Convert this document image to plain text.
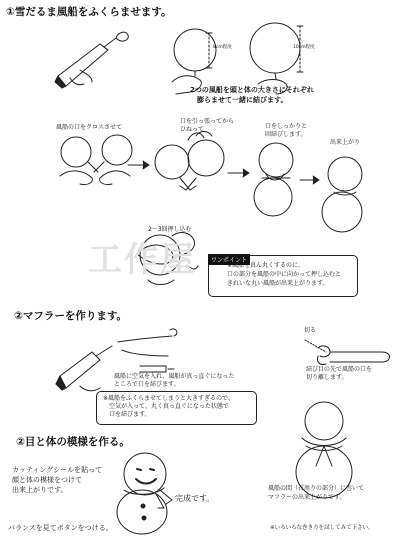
工作屋
①雪だるま風船をふくらませます。
8cm程度	10cm程度
2つの風船を頭と体の大きさにそれぞれ
膨らませて一緒に結びます。
風船の口をクロスさせて
口を引っ張ってから
ひねって	口をしっかりと
固結びします。
出来上がり
2〜3回押し込む
ワンポイント
※風船を真ん丸くするのに、
口の部分を風船の中に向かって押し込むと
きれいな丸い風船が出来上がります。
②マフラーを作ります。
風船に空気を入れ、風船が真っ直ぐになった
ところで口を結びます。
切る
結び目の先で風船の口を
切り離します。
※風船をふくらませてしまうと大きすぎるので、
空気が入って、丸く真っ直ぐになった状態で
口を結びます。
②目と体の模様を作る。
カッティングシールを貼って
顔と体の模様をつけて
出来上がりです。
完成です。
風船の間（首周りの部分）に巻いて
マフラーの出来上がりです。
※いろいろな巻き方を試してみて下さい。
バランスを見てボタンをつける。
